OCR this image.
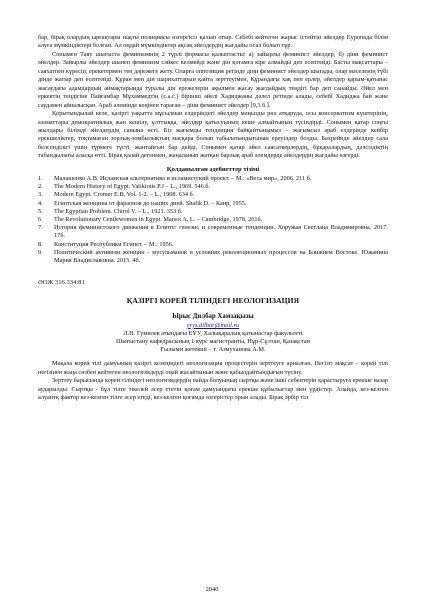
бар, бірақ олардың ырғақтары нақты позициясы өзгергісіз қалып отыр. Себебі кейтеген жарыс істейтін әйелдер Еуропада білім алуға мүмкіндіктері болған. Ал оңдай мүмкіндіктер ақсақ әйелдердің жағдайы осал болып тұр.

Сонымен Таяу шығыста феминизмнің 2 түрлі формасы қалыптасты: а) зайырлы феминист әйелдер, б) діни феминист әйелдер. Зайырлы әйелдер шынеп феминизм сәйкес келмейді және дін қоғамға кіре алмайды деп есептейді. Басты мақсаттары – саяхатпен күресіп, ерекетермен тең дәрежеге жету. Оларға оппозиция ретінде діни феминист әйелдер шығады, олар мәселенің түбі дінде жатыр деп есептейді. Құран мен дін шарихаттарын қайта зерттеуімен, Құрандағы хақ пен ерлер, әйелдер қарым-қатынас жасаудағы адамдардың аймақтарында туралы дін ережелерін ақылмен жасау жағдайдың теңдігі бар деп санайды. Әйел мен еркектің теңдігіне Пайғамбар Мұхаммедтің (с.а.с.) бірінші әйелі Хадиджаны дәлел ретінде алады, себебі Хадиджа бай және саудамен айналысқан. Араб әлемінде кеңінен тараған – діни феминист әйелдер [9,3 б.].

Қорытындылай келе, қазіргі уақытта мұсылман елдеріндегі әйелдер мәңызды рөл атқаруда, осы консерватизм күштерінің, азаматтары демократиялық жан кешілу, ұлттыққа, әйелдер қатысуының кеше алмайтынын түсіндірді. Сонымен қатар соңғы жылдары білімді әйелдердің санына өсті. Біз жағымды тенденция байқайтынымыз – жағымсыз араб елдерінде кейбір ерекшеліктер, тоқтамаған зорлық-зомбылықтың масқара болып табылатындығынан ереуілдер болды. Бахрейнде әйелдер сала белсенділігі үшін түрмеге түсті, жантайғын бар дейді. Сонымен қатар әйел саясаткерлердің, бұқаралардың, дәлсіздіктің табандылығы аласқа өтті. Бірақ қалай дегенмен, жаңаланып жатқан барлық араб әлемдерде әйелдердің жағдайы өзгерді.

Қолданылған әдебиеттер тізімі
1.	Малашенко А.В. Исламская альтернатива и исламистский проект. – М.: «Весь мир», 2006. 211 б.
2.	The Modern History of Egypt. Vatikiotis P.J – L., 1969. 546 б.
3.	Modern Egypt. Cromer E.B. Vol. 1-2. – L., 1908. 634 б.
4.	Египтская женщина от фараонов до наших дней. Shafik D. – Каир, 1955.
5.	The Egyptian Problem. Chirol V. – L., 1921. 353 б.
6.	The Revolutionary Centlewomen in Egypt. Marsot A. L. – Cambridge, 1978. 261б.
7.	История феминистского движения в Египте: генезис и современные тенденции. Хоружая Светлана Владимировна. 2017. 17б.
8.	Конституция Республики Египет. – М.: 1956.
9.	Политический активизм женщин - мусульманок в условиях революционных процессов на Ближнем Востоке. Южанина Мария Владиславовна. 2015. 4б.
ӘОЖ 316.334:81
ҚАЗІРГІ КОРЕЙ ТІЛІНДЕГІ НЕОЛОГИЗАЦИЯ
Ырыс Дилбар Хамзақызы
yrys.dilbar@mail.ru
Л.Н. Гумилев атындағы ЕҰУ, Халықаралық қатынастар факультеті
Шығыстану кафедрасының 1 курс магистранты, Нұр-Сұлтан, Қазақстан
Ғылыми жетекші – т. Азмуханова А.М.

Мақала корей тілі дамуының қазіргі кезеңіндегі неологизация процестерін зерттеуге арналған. Негізгі мақсат – корей тілі негізінен жаңа сөзбен кейтеген неологизмдерді оңай жасайтынын және қабылдайтындығын түсіну.

Зерттеу барысында корей тіліндегі неологизмдердің пайда болуының сыртқы және ішкі себептерін қарастыруға ерекше назар аударылды. Сыртқы - бұл тілге тікелей әсер ететін қоғам дамуындағы ерекше құбылыстар мен үрдістер. Алайда, кез-келген алуантқ фактор кез-келген тілге әсер етеді, кез-келген қоғамда өзгерістер орын алады. Бірақ әрбір тіл

2040
